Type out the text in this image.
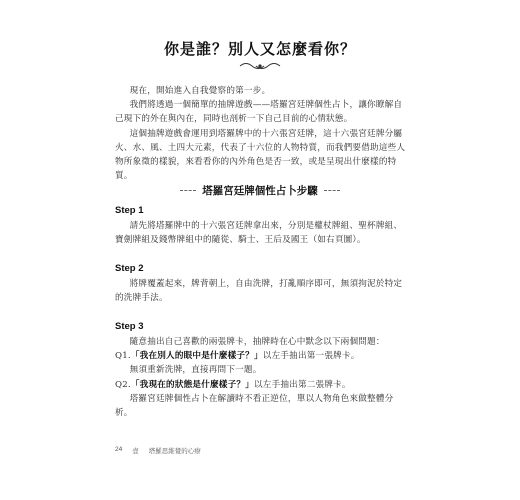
你是誰？別人又怎麼看你？

現在，開始進入自我覺察的第一步。

我們將透過一個簡單的抽牌遊戲——塔羅宮廷牌個性占卜，讓你瞭解自己現下的外在與內在，同時也剖析一下自己目前的心情狀態。

這個抽牌遊戲會運用到塔羅牌中的十六張宮廷牌，這十六張宮廷牌分屬火、水、風、土四大元素，代表了十六位的人物特質，而我們要借助這些人物所象徵的樣貌，來看看你的內外角色是否一致，或是呈現出什麼樣的特質。

塔羅宮廷牌個性占卜步驟
Step 1

請先將塔羅牌中的十六張宮廷牌拿出來，分別是權杖牌組、聖杯牌組、寶劍牌組及錢幣牌組中的隨從、騎士、王后及國王（如右頁圖）。

Step 2

將牌覆蓋起來，牌背朝上，自由洗牌，打亂順序即可，無須拘泥於特定的洗牌手法。

Step 3

隨意抽出自己喜歡的兩張牌卡，抽牌時在心中默念以下兩個問題：

Q1.「我在別人的眼中是什麼樣子？」以左手抽出第一張牌卡。

無須重新洗牌，直接再問下一題。

Q2.「我現在的狀態是什麼樣子？」以左手抽出第二張牌卡。

塔羅宮廷牌個性占卜在解讀時不看正逆位，單以人物角色來做整體分析。

24 壹 塔羅思維覺的心療
